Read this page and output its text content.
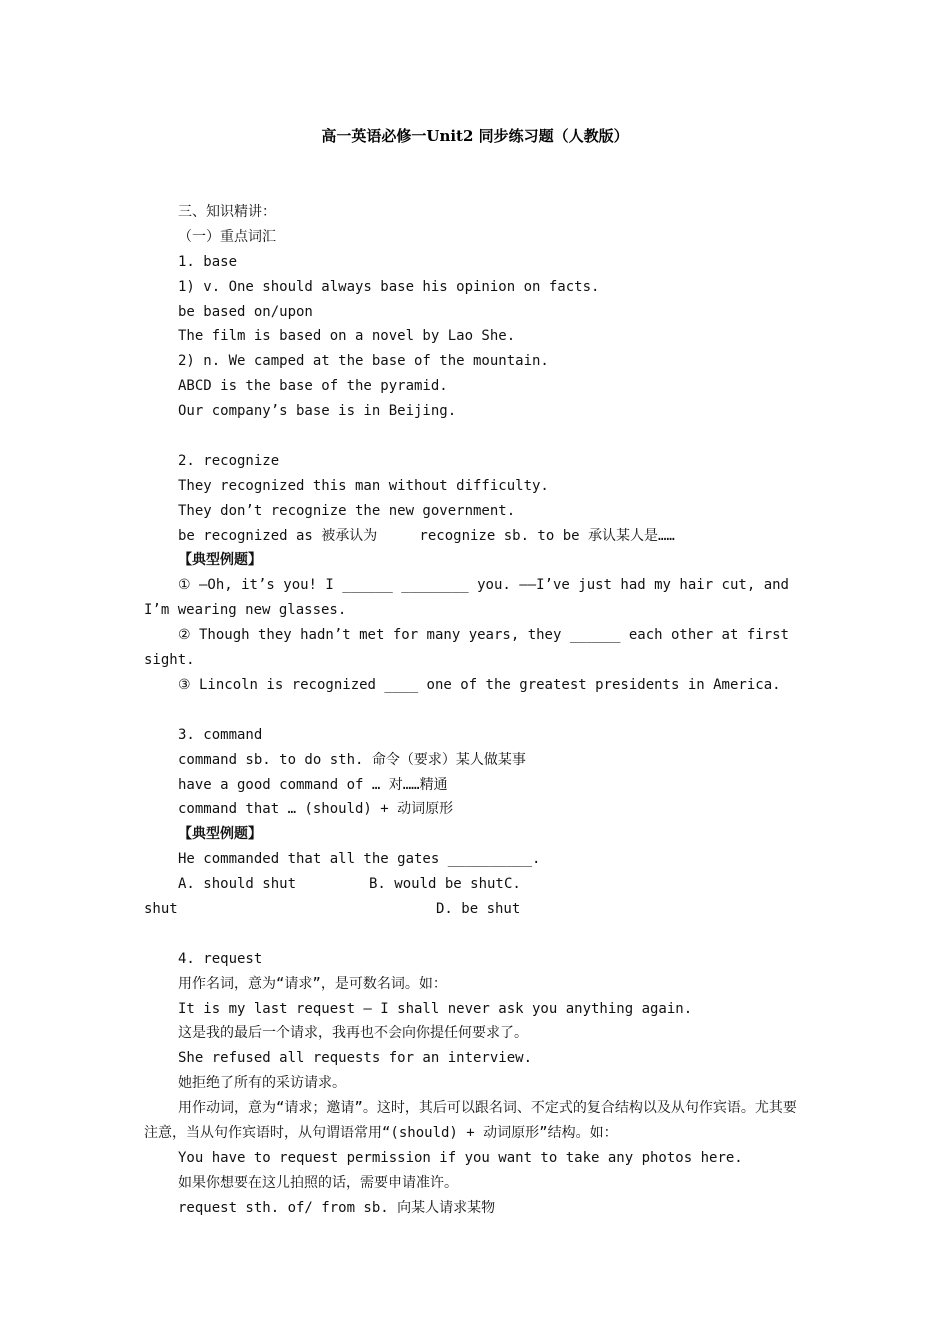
高一英语必修一Unit2 同步练习题（人教版）
三、知识精讲：
（一）重点词汇
1. base
1) v. One should always base his opinion on facts.
be based on/upon
The film is based on a novel by Lao She.
2) n. We camped at the base of the mountain.
ABCD is the base of the pyramid.
Our company’s base is in Beijing.
2. recognize
They recognized this man without difficulty.
They don’t recognize the new government.
be recognized as 被承认为     recognize sb. to be 承认某人是……
【典型例题】
① —Oh, it’s you! I ______ ________ you. ——I’ve just had my hair cut, and I’m wearing new glasses.
② Though they hadn’t met for many years, they ______ each other at first sight.
③ Lincoln is recognized ____ one of the greatest presidents in America.
3. command
command sb. to do sth. 命令（要求）某人做某事
have a good command of … 对……精通
command that … (should) + 动词原形
【典型例题】
He commanded that all the gates __________.
A. should shut	B. would be shut C.
shut	D. be shut
4. request
用作名词，意为“请求”，是可数名词。如：
It is my last request — I shall never ask you anything again.
这是我的最后一个请求，我再也不会向你提任何要求了。
She refused all requests for an interview.
她拒绝了所有的采访请求。
用作动词，意为“请求；邀请”。这时，其后可以跟名词、不定式的复合结构以及从句作宾语。尤其要注意，当从句作宾语时，从句谓语常用“(should) + 动词原形”结构。如：
You have to request permission if you want to take any photos here.
如果你想要在这儿拍照的话，需要申请准许。
request sth. of/ from sb. 向某人请求某物
